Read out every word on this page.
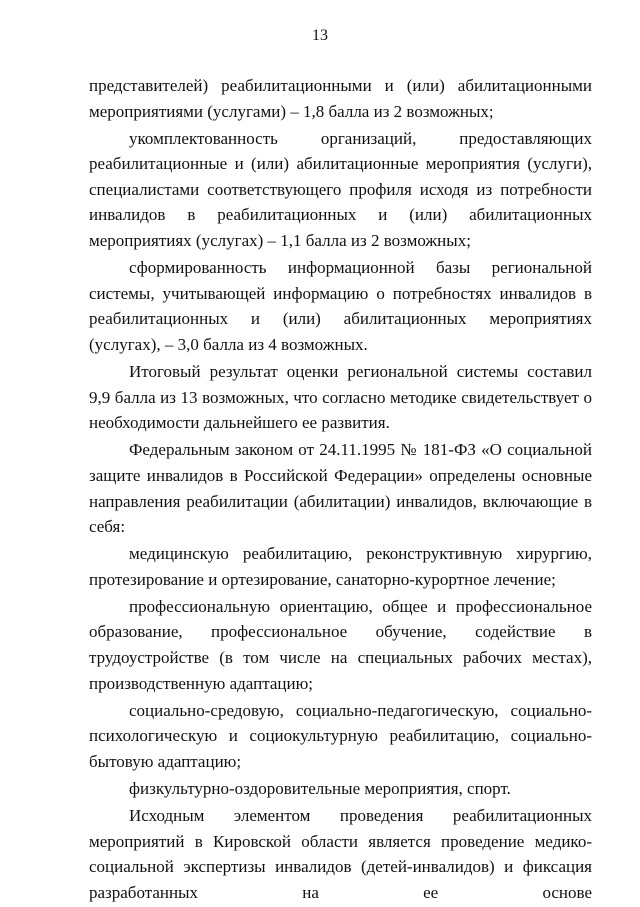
13

представителей) реабилитационными и (или) абилитационными мероприятиями (услугами) – 1,8 балла из 2 возможных;

укомплектованность организаций, предоставляющих реабилитационные и (или) абилитационные мероприятия (услуги), специалистами соответствующего профиля исходя из потребности инвалидов в реабилитационных и (или) абилитационных мероприятиях (услугах) – 1,1 балла из 2 возможных;

сформированность информационной базы региональной системы, учитывающей информацию о потребностях инвалидов в реабилитационных и (или) абилитационных мероприятиях (услугах), – 3,0 балла из 4 возможных.

Итоговый результат оценки региональной системы составил 9,9 балла из 13 возможных, что согласно методике свидетельствует о необходимости дальнейшего ее развития.

Федеральным законом от 24.11.1995 № 181-ФЗ «О социальной защите инвалидов в Российской Федерации» определены основные направления реабилитации (абилитации) инвалидов, включающие в себя:

медицинскую реабилитацию, реконструктивную хирургию, протезирование и ортезирование, санаторно-курортное лечение;

профессиональную ориентацию, общее и профессиональное образование, профессиональное обучение, содействие в трудоустройстве (в том числе на специальных рабочих местах), производственную адаптацию;

социально-средовую, социально-педагогическую, социально-психологическую и социокультурную реабилитацию, социально-бытовую адаптацию;

физкультурно-оздоровительные мероприятия, спорт.

Исходным элементом проведения реабилитационных мероприятий в Кировской области является проведение медико-социальной экспертизы инвалидов (детей-инвалидов) и фиксация разработанных на ее основе
